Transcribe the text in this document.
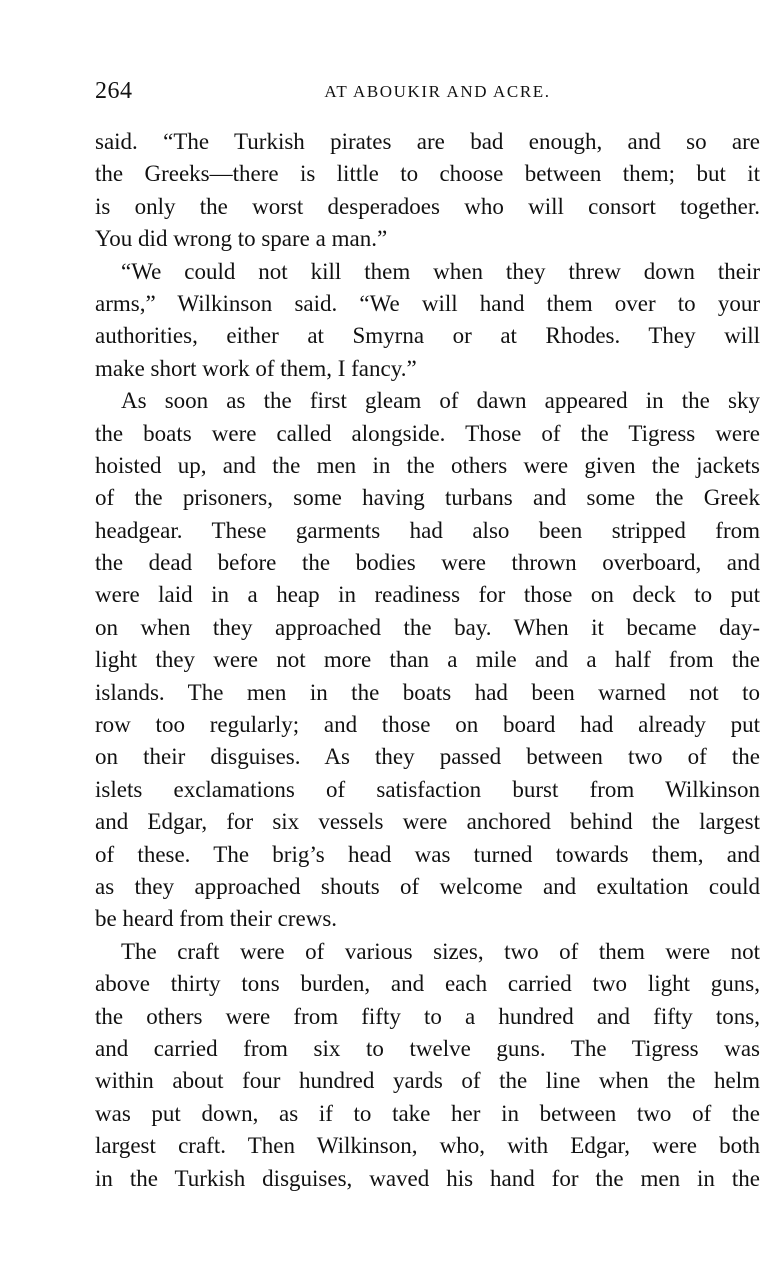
264	AT ABOUKIR AND ACRE.
said. “The Turkish pirates are bad enough, and so are
the Greeks—there is little to choose between them; but it
is only the worst desperadoes who will consort together.
You did wrong to spare a man.”
“We could not kill them when they threw down their
arms,” Wilkinson said. “We will hand them over to your
authorities, either at Smyrna or at Rhodes. They will
make short work of them, I fancy.”
As soon as the first gleam of dawn appeared in the sky
the boats were called alongside. Those of the Tigress were
hoisted up, and the men in the others were given the jackets
of the prisoners, some having turbans and some the Greek
headgear. These garments had also been stripped from
the dead before the bodies were thrown overboard, and
were laid in a heap in readiness for those on deck to put
on when they approached the bay. When it became day-
light they were not more than a mile and a half from the
islands. The men in the boats had been warned not to
row too regularly; and those on board had already put
on their disguises. As they passed between two of the
islets exclamations of satisfaction burst from Wilkinson
and Edgar, for six vessels were anchored behind the largest
of these. The brig’s head was turned towards them, and
as they approached shouts of welcome and exultation could
be heard from their crews.
The craft were of various sizes, two of them were not
above thirty tons burden, and each carried two light guns,
the others were from fifty to a hundred and fifty tons,
and carried from six to twelve guns. The Tigress was
within about four hundred yards of the line when the helm
was put down, as if to take her in between two of the
largest craft. Then Wilkinson, who, with Edgar, were both
in the Turkish disguises, waved his hand for the men in the
